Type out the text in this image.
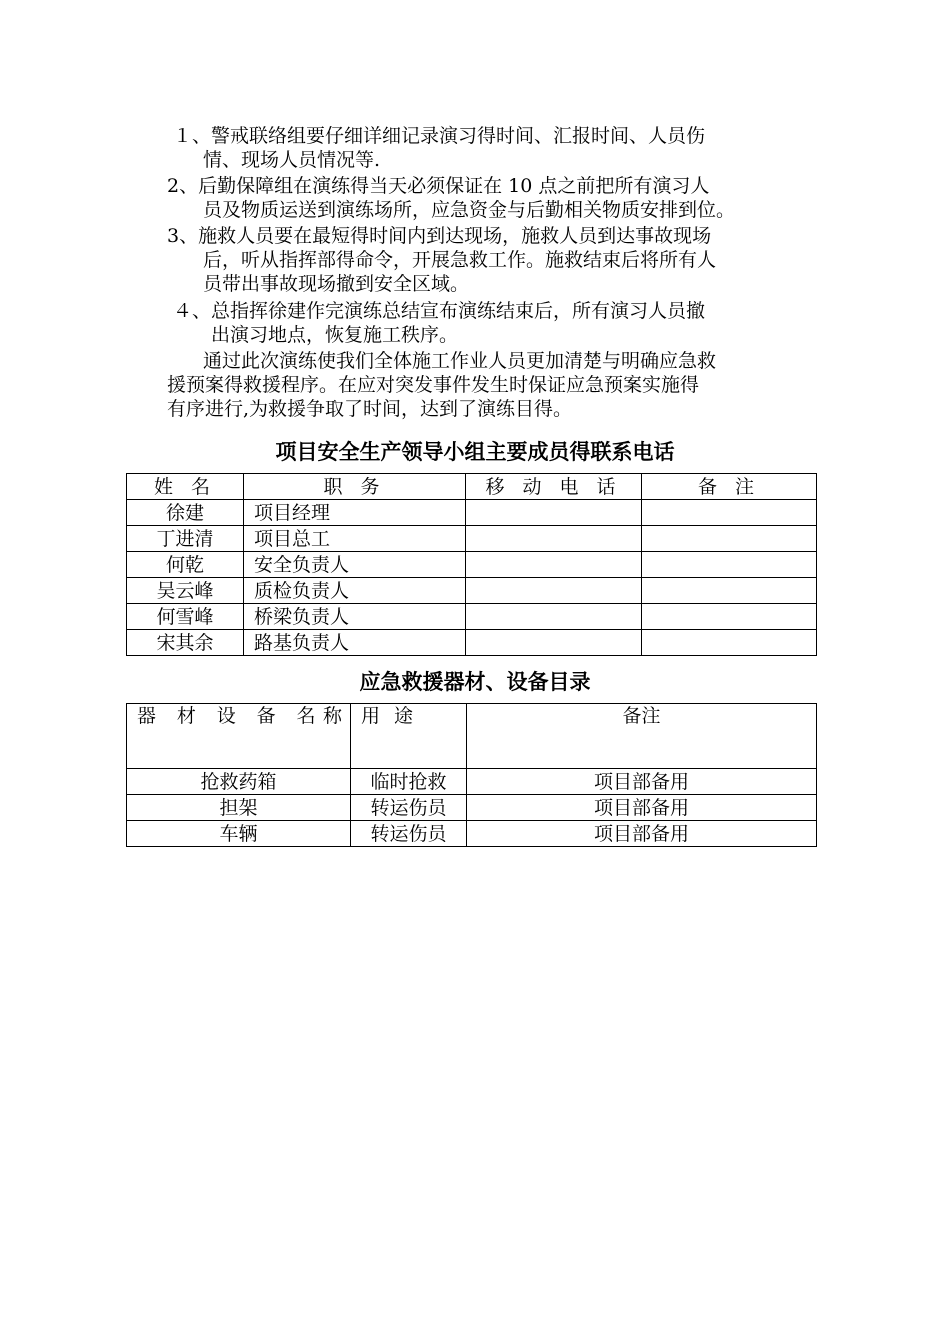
１、警戒联络组要仔细详细记录演习得时间、汇报时间、人员伤
情、现场人员情况等.
2、后勤保障组在演练得当天必须保证在 10 点之前把所有演习人
员及物质运送到演练场所，应急资金与后勤相关物质安排到位。
3、施救人员要在最短得时间内到达现场，施救人员到达事故现场
后，听从指挥部得命令，开展急救工作。施救结束后将所有人
员带出事故现场撤到安全区域。
４、总指挥徐建作完演练总结宣布演练结束后，所有演习人员撤
出演习地点，恢复施工秩序。
通过此次演练使我们全体施工作业人员更加清楚与明确应急救
援预案得救援程序。在应对突发事件发生时保证应急预案实施得
有序进行,为救援争取了时间，达到了演练目得。
项目安全生产领导小组主要成员得联系电话
姓 名	职 务	移 动 电 话	备 注
徐建	项目经理		
丁进清	项目总工		
何乾	安全负责人		
吴云峰	质检负责人		
何雪峰	桥梁负责人		
宋其余	路基负责人		
应急救援器材、设备目录
器 材 设 备 名称	用 途	备注
抢救药箱	临时抢救	项目部备用
担架	转运伤员	项目部备用
车辆	转运伤员	项目部备用
